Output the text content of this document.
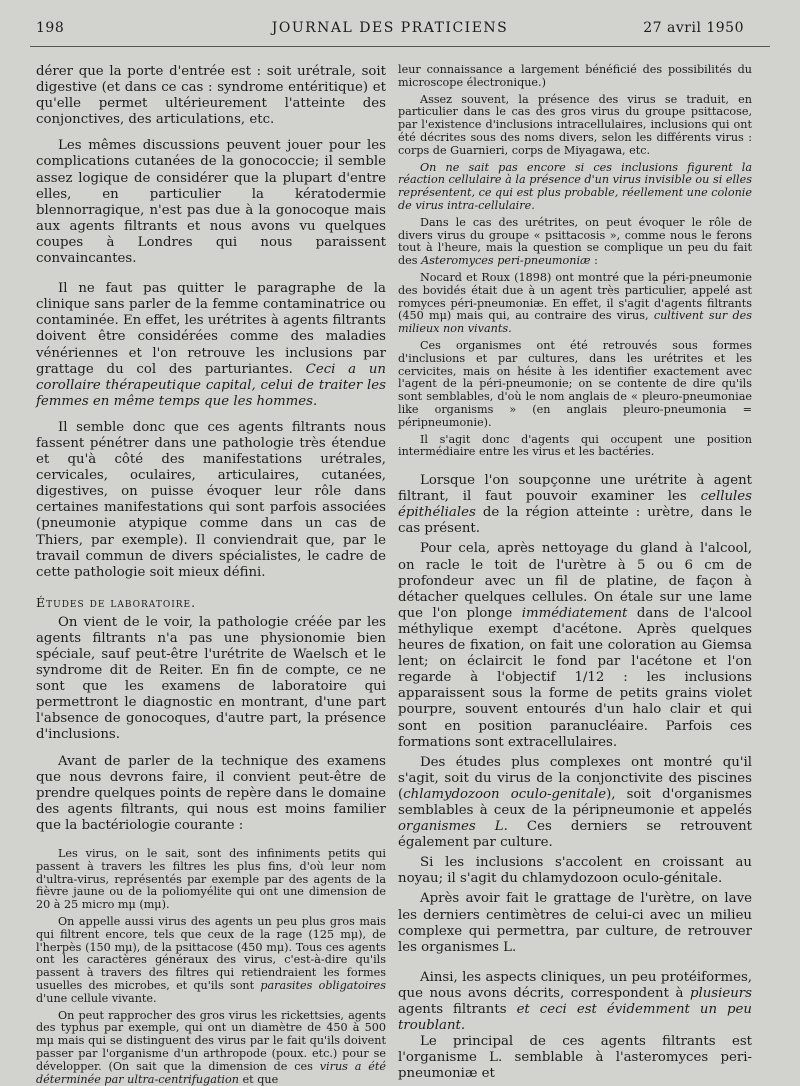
198	JOURNAL DES PRATICIENS	27 avril 1950

dérer que la porte d'entrée est : soit urétrale, soit digestive (et dans ce cas : syndrome entéritique) et qu'elle permet ultérieurement l'atteinte des conjonctives, des articulations, etc.

Les mêmes discussions peuvent jouer pour les complications cutanées de la gonococcie; il semble assez logique de considérer que la plupart d'entre elles, en particulier la kératodermie blennorragique, n'est pas due à la gonocoque mais aux agents filtrants et nous avons vu quelques coupes à Londres qui nous paraissent convaincantes.

Il ne faut pas quitter le paragraphe de la clinique sans parler de la femme contaminatrice ou contaminée. En effet, les urétrites à agents filtrants doivent être considérées comme des maladies vénériennes et l'on retrouve les inclusions par grattage du col des parturiantes. Ceci a un corollaire thérapeutique capital, celui de traiter les femmes en même temps que les hommes.

Il semble donc que ces agents filtrants nous fassent pénétrer dans une pathologie très étendue et qu'à côté des manifestations urétrales, cervicales, oculaires, articulaires, cutanées, digestives, on puisse évoquer leur rôle dans certaines manifestations qui sont parfois associées (pneumonie atypique comme dans un cas de Thiers, par exemple). Il conviendrait que, par le travail commun de divers spécialistes, le cadre de cette pathologie soit mieux défini.

Études de laboratoire.

On vient de le voir, la pathologie créée par les agents filtrants n'a pas une physionomie bien spéciale, sauf peut-être l'urétrite de Waelsch et le syndrome dit de Reiter. En fin de compte, ce ne sont que les examens de laboratoire qui permettront le diagnostic en montrant, d'une part l'absence de gonocoques, d'autre part, la présence d'inclusions.

Avant de parler de la technique des examens que nous devrons faire, il convient peut-être de prendre quelques points de repère dans le domaine des agents filtrants, qui nous est moins familier que la bactériologie courante :

Les virus, on le sait, sont des infiniments petits qui passent à travers les filtres les plus fins, d'où leur nom d'ultra-virus, représentés par exemple par des agents de la fièvre jaune ou de la poliomyélite qui ont une dimension de 20 à 25 micro mμ (mμ).

On appelle aussi virus des agents un peu plus gros mais qui filtrent encore, tels que ceux de la rage (125 mμ), de l'herpès (150 mμ), de la psittacose (450 mμ). Tous ces agents ont les caractères généraux des virus, c'est-à-dire qu'ils passent à travers des filtres qui retiendraient les formes usuelles des microbes, et qu'ils sont parasites obligatoires d'une cellule vivante.

On peut rapprocher des gros virus les rickettsies, agents des typhus par exemple, qui ont un diamètre de 450 à 500 mμ mais qui se distinguent des virus par le fait qu'ils doivent passer par l'organisme d'un arthropode (poux. etc.) pour se développer. (On sait que la dimension de ces virus a été déterminée par ultra-centrifugation et que

leur connaissance a largement bénéficié des possibilités du microscope électronique.)

Assez souvent, la présence des virus se traduit, en particulier dans le cas des gros virus du groupe psittacose, par l'existence d'inclusions intracellulaires, inclusions qui ont été décrites sous des noms divers, selon les différents virus : corps de Guarnieri, corps de Miyagawa, etc.

On ne sait pas encore si ces inclusions figurent la réaction cellulaire à la présence d'un virus invisible ou si elles représentent, ce qui est plus probable, réellement une colonie de virus intra-cellulaire.

Dans le cas des urétrites, on peut évoquer le rôle de divers virus du groupe « psittacosis », comme nous le ferons tout à l'heure, mais la question se complique un peu du fait des Asteromyces peri-pneumoniæ :

Nocard et Roux (1898) ont montré que la péri-pneumonie des bovidés était due à un agent très particulier, appelé ast romyces péri-pneumoniæ. En effet, il s'agit d'agents filtrants (450 mμ) mais qui, au contraire des virus, cultivent sur des milieux non vivants.

Ces organismes ont été retrouvés sous formes d'inclusions et par cultures, dans les urétrites et les cervicites, mais on hésite à les identifier exactement avec l'agent de la péri-pneumonie; on se contente de dire qu'ils sont semblables, d'où le nom anglais de « pleuro-pneumoniae like organisms » (en anglais pleuro-pneumonia = péripneumonie).

Il s'agit donc d'agents qui occupent une position intermédiaire entre les virus et les bactéries.

Lorsque l'on soupçonne une urétrite à agent filtrant, il faut pouvoir examiner les cellules épithéliales de la région atteinte : urètre, dans le cas présent.

Pour cela, après nettoyage du gland à l'alcool, on racle le toit de l'urètre à 5 ou 6 cm de profondeur avec un fil de platine, de façon à détacher quelques cellules. On étale sur une lame que l'on plonge immédiatement dans de l'alcool méthylique exempt d'acétone. Après quelques heures de fixation, on fait une coloration au Giemsa lent; on éclaircit le fond par l'acétone et l'on regarde à l'objectif 1/12 : les inclusions apparaissent sous la forme de petits grains violet pourpre, souvent entourés d'un halo clair et qui sont en position paranucléaire. Parfois ces formations sont extracellulaires.

Des études plus complexes ont montré qu'il s'agit, soit du virus de la conjonctivite des piscines (chlamydozoon oculo-genitale), soit d'organismes semblables à ceux de la péripneumonie et appelés organismes L. Ces derniers se retrouvent également par culture.

Si les inclusions s'accolent en croissant au noyau; il s'agit du chlamydozoon oculo-génitale.

Après avoir fait le grattage de l'urètre, on lave les derniers centimètres de celui-ci avec un milieu complexe qui permettra, par culture, de retrouver les organismes L.

Ainsi, les aspects cliniques, un peu protéiformes, que nous avons décrits, correspondent à plusieurs agents filtrants et ceci est évidemment un peu troublant.

Le principal de ces agents filtrants est l'organisme L. semblable à l'asteromyces peri-pneumoniæ et
